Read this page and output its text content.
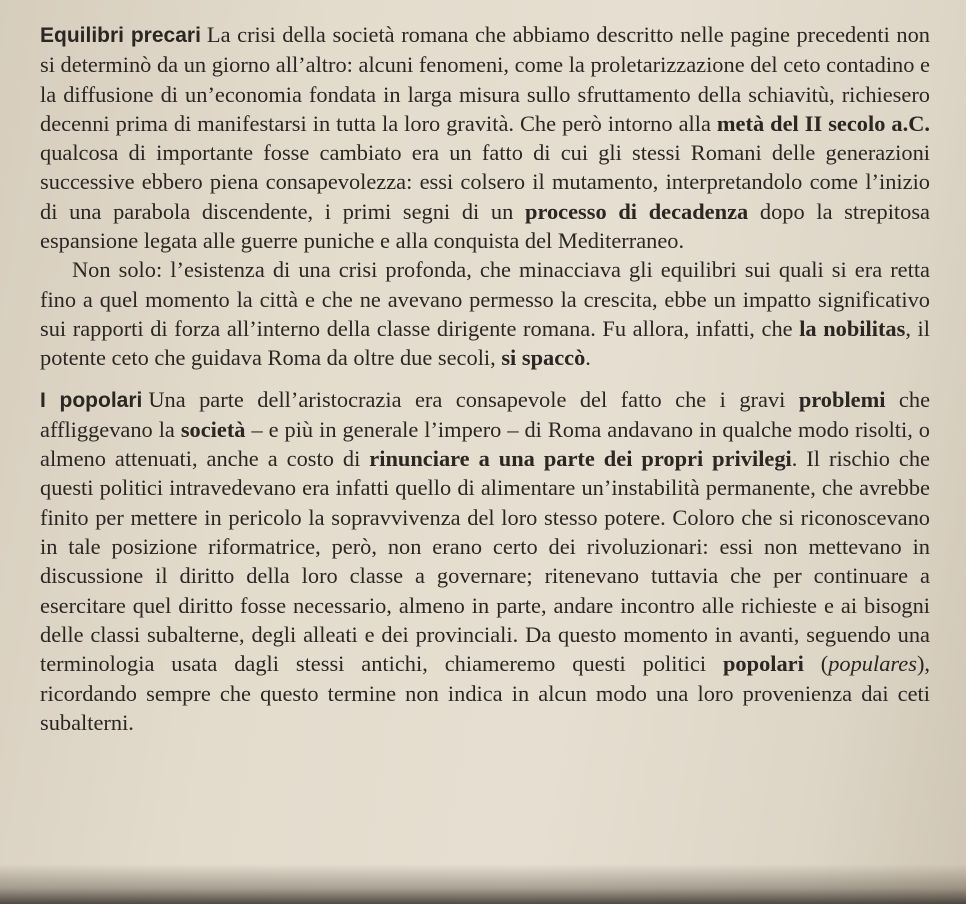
Equilibri precari La crisi della società romana che abbiamo descritto nelle pagine precedenti non si determinò da un giorno all’altro: alcuni fenomeni, come la proletarizzazione del ceto contadino e la diffusione di un’economia fondata in larga misura sullo sfruttamento della schiavitù, richiesero decenni prima di manifestarsi in tutta la loro gravità. Che però intorno alla metà del II secolo a.C. qualcosa di importante fosse cambiato era un fatto di cui gli stessi Romani delle generazioni successive ebbero piena consapevolezza: essi colsero il mutamento, interpretandolo come l’inizio di una parabola discendente, i primi segni di un processo di decadenza dopo la strepitosa espansione legata alle guerre puniche e alla conquista del Mediterraneo.

Non solo: l’esistenza di una crisi profonda, che minacciava gli equilibri sui quali si era retta fino a quel momento la città e che ne avevano permesso la crescita, ebbe un impatto significativo sui rapporti di forza all’interno della classe dirigente romana. Fu allora, infatti, che la nobilitas, il potente ceto che guidava Roma da oltre due secoli, si spaccò.

I popolari Una parte dell’aristocrazia era consapevole del fatto che i gravi problemi che affliggevano la società – e più in generale l’impero – di Roma andavano in qualche modo risolti, o almeno attenuati, anche a costo di rinunciare a una parte dei propri privilegi. Il rischio che questi politici intravedevano era infatti quello di alimentare un’instabilità permanente, che avrebbe finito per mettere in pericolo la sopravvivenza del loro stesso potere. Coloro che si riconoscevano in tale posizione riformatrice, però, non erano certo dei rivoluzionari: essi non mettevano in discussione il diritto della loro classe a governare; ritenevano tuttavia che per continuare a esercitare quel diritto fosse necessario, almeno in parte, andare incontro alle richieste e ai bisogni delle classi subalterne, degli alleati e dei provinciali. Da questo momento in avanti, seguendo una terminologia usata dagli stessi antichi, chiameremo questi politici popolari (populares), ricordando sempre che questo termine non indica in alcun modo una loro provenienza dai ceti subalterni.
